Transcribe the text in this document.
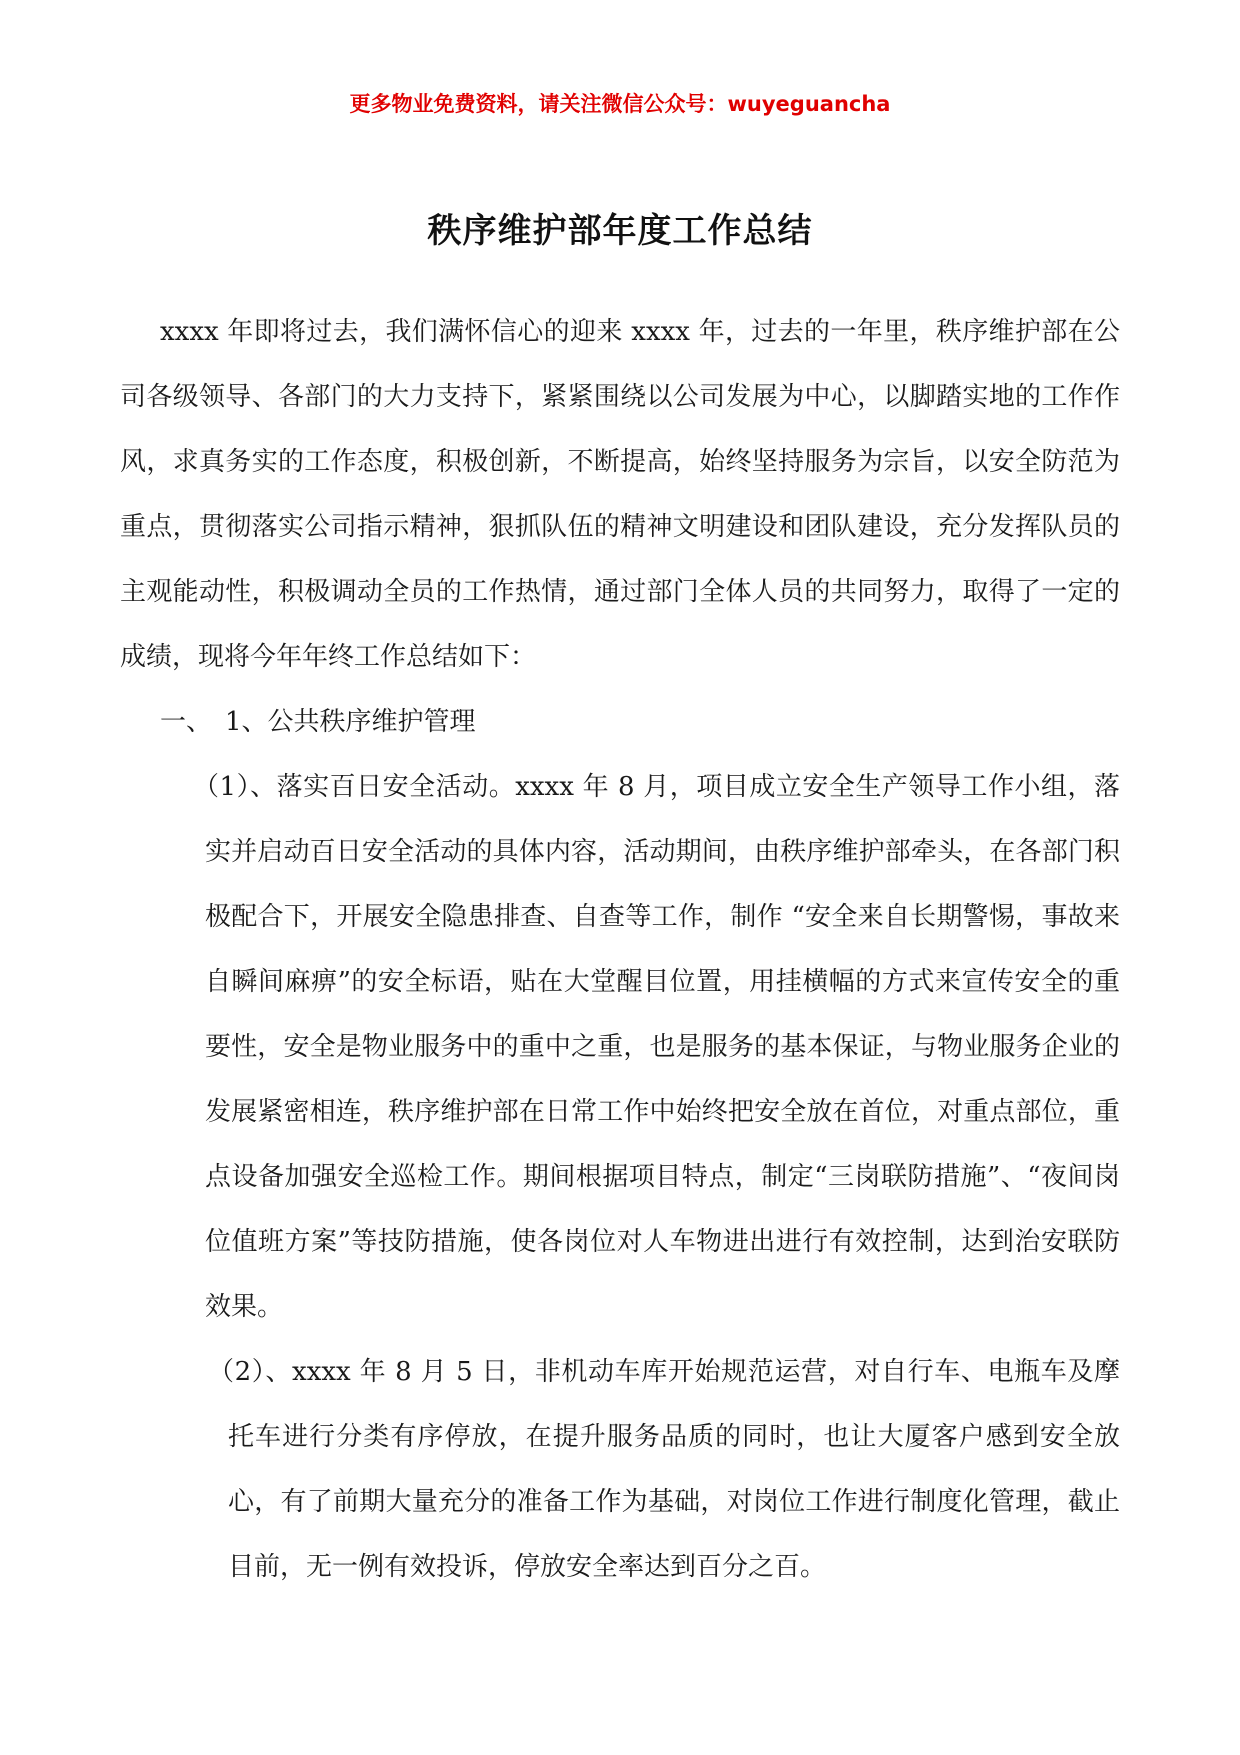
更多物业免费资料，请关注微信公众号：wuyeguancha
秩序维护部年度工作总结

xxxx 年即将过去，我们满怀信心的迎来 xxxx 年，过去的一年里，秩序维护部在公司各级领导、各部门的大力支持下，紧紧围绕以公司发展为中心，以脚踏实地的工作作风，求真务实的工作态度，积极创新，不断提高，始终坚持服务为宗旨，以安全防范为重点，贯彻落实公司指示精神，狠抓队伍的精神文明建设和团队建设，充分发挥队员的主观能动性，积极调动全员的工作热情，通过部门全体人员的共同努力，取得了一定的成绩，现将今年年终工作总结如下：

一、 1、公共秩序维护管理

（1）、落实百日安全活动。xxxx 年 8 月，项目成立安全生产领导工作小组，落实并启动百日安全活动的具体内容，活动期间，由秩序维护部牵头，在各部门积极配合下，开展安全隐患排查、自查等工作，制作 “安全来自长期警惕，事故来自瞬间麻痹”的安全标语，贴在大堂醒目位置，用挂横幅的方式来宣传安全的重要性，安全是物业服务中的重中之重，也是服务的基本保证，与物业服务企业的发展紧密相连，秩序维护部在日常工作中始终把安全放在首位，对重点部位，重点设备加强安全巡检工作。期间根据项目特点，制定“三岗联防措施”、“夜间岗位值班方案”等技防措施，使各岗位对人车物进出进行有效控制，达到治安联防效果。

（2）、xxxx 年 8 月 5 日，非机动车库开始规范运营，对自行车、电瓶车及摩托车进行分类有序停放，在提升服务品质的同时，也让大厦客户感到安全放心，有了前期大量充分的准备工作为基础，对岗位工作进行制度化管理，截止目前，无一例有效投诉，停放安全率达到百分之百。
